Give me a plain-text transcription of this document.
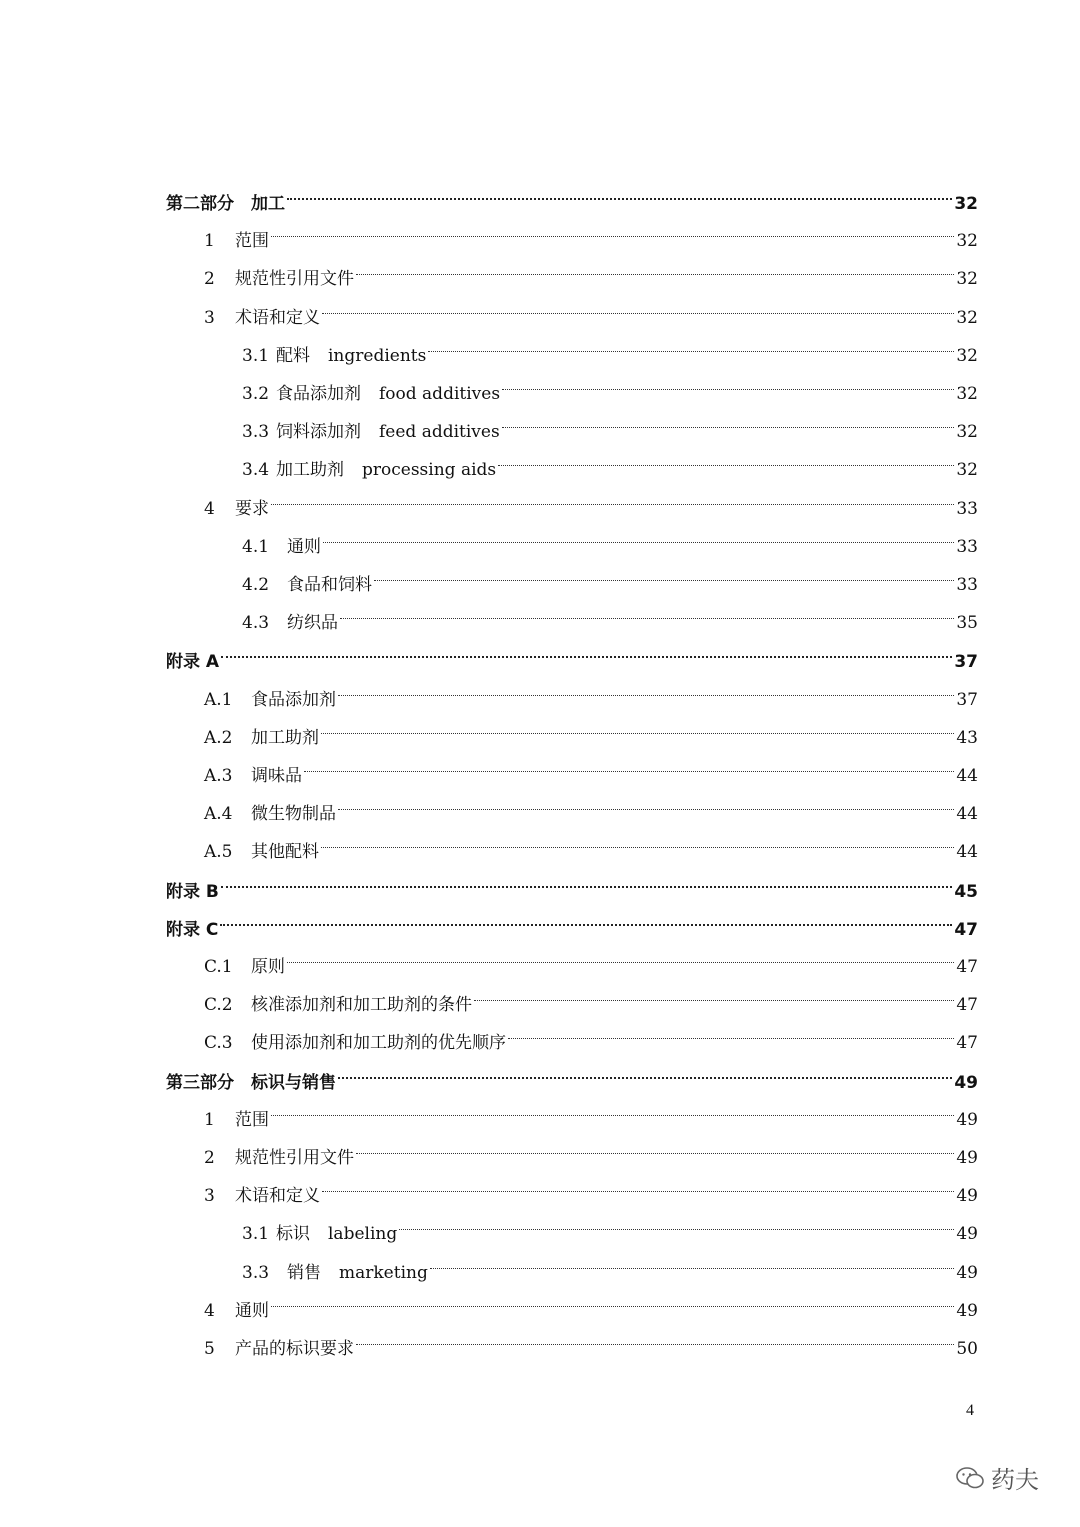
第二部分　加工	32
1	范围	32
2	规范性引用文件	32
3	术语和定义	32
3.1 配料 ingredients	32
3.2 食品添加剂 food additives	32
3.3 饲料添加剂 feed additives	32
3.4 加工助剂 processing aids	32
4	要求	33
4.1	通则	33
4.2	食品和饲料	33
4.3	纺织品	35
附录 A	37
A.1	食品添加剂	37
A.2	加工助剂	43
A.3	调味品	44
A.4	微生物制品	44
A.5	其他配料	44
附录 B	45
附录 C	47
C.1	原则	47
C.2	核准添加剂和加工助剂的条件	47
C.3	使用添加剂和加工助剂的优先顺序	47
第三部分　标识与销售	49
1	范围	49
2	规范性引用文件	49
3	术语和定义	49
3.1 标识 labeling	49
3.3	销售 marketing	49
4	通则	49
5	产品的标识要求	50
4
药夫
